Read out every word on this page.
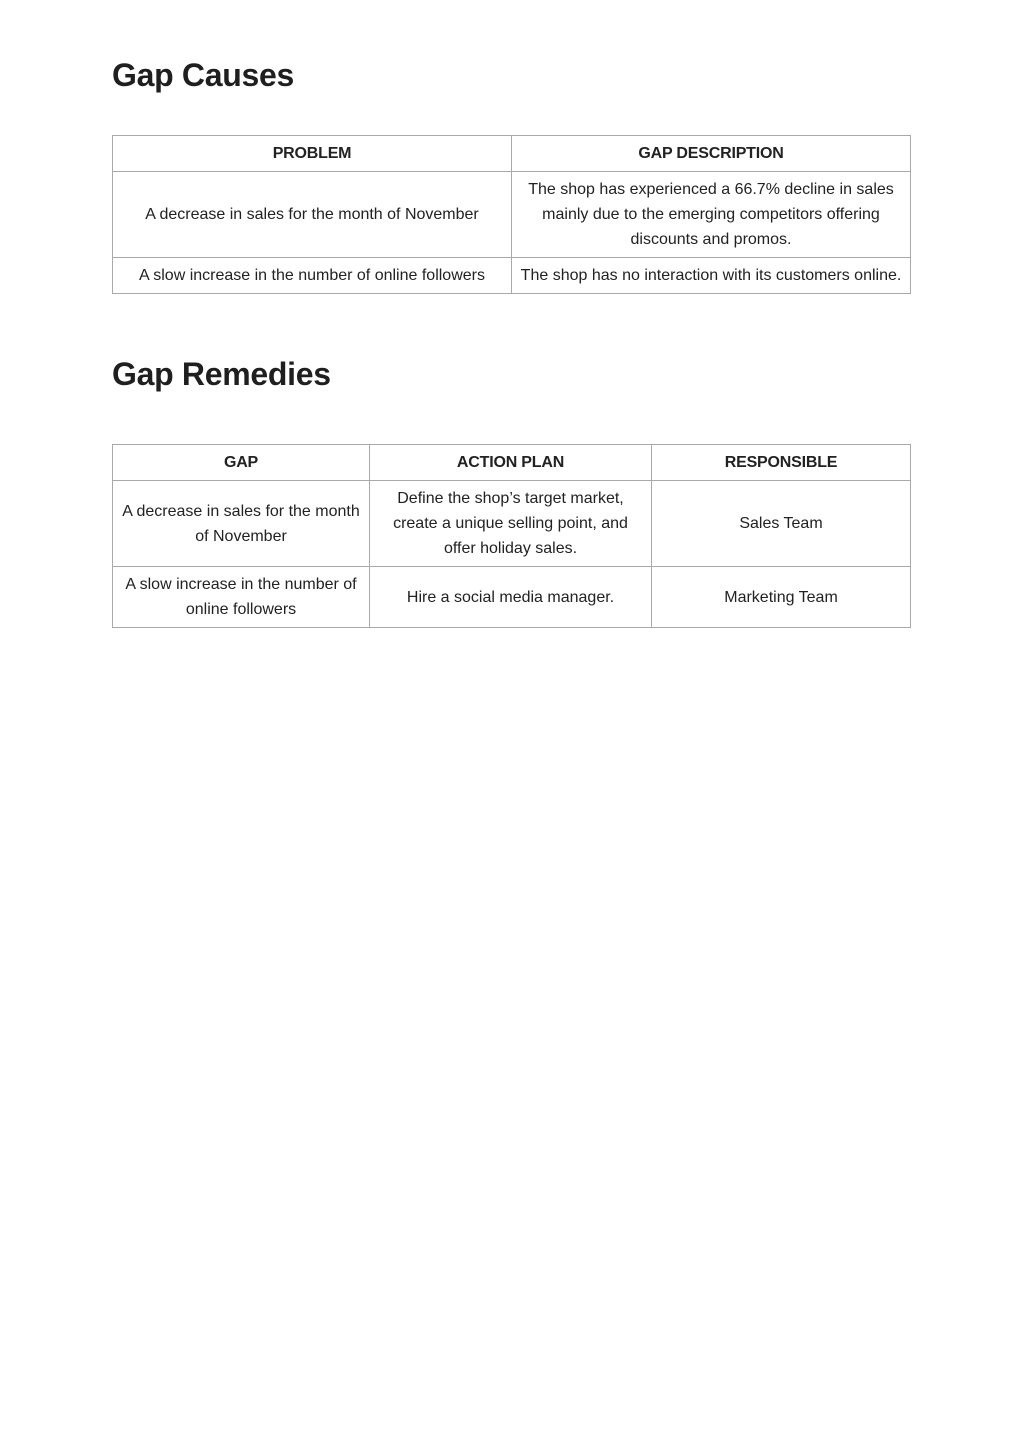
Gap Causes
PROBLEM	GAP DESCRIPTION
A decrease in sales for the month of November	The shop has experienced a 66.7% decline in sales mainly due to the emerging competitors offering discounts and promos.
A slow increase in the number of online followers	The shop has no interaction with its customers online.
Gap Remedies
GAP	ACTION PLAN	RESPONSIBLE
A decrease in sales for the month of November	Define the shop’s target market, create a unique selling point, and offer holiday sales.	Sales Team
A slow increase in the number of online followers	Hire a social media manager.	Marketing Team
